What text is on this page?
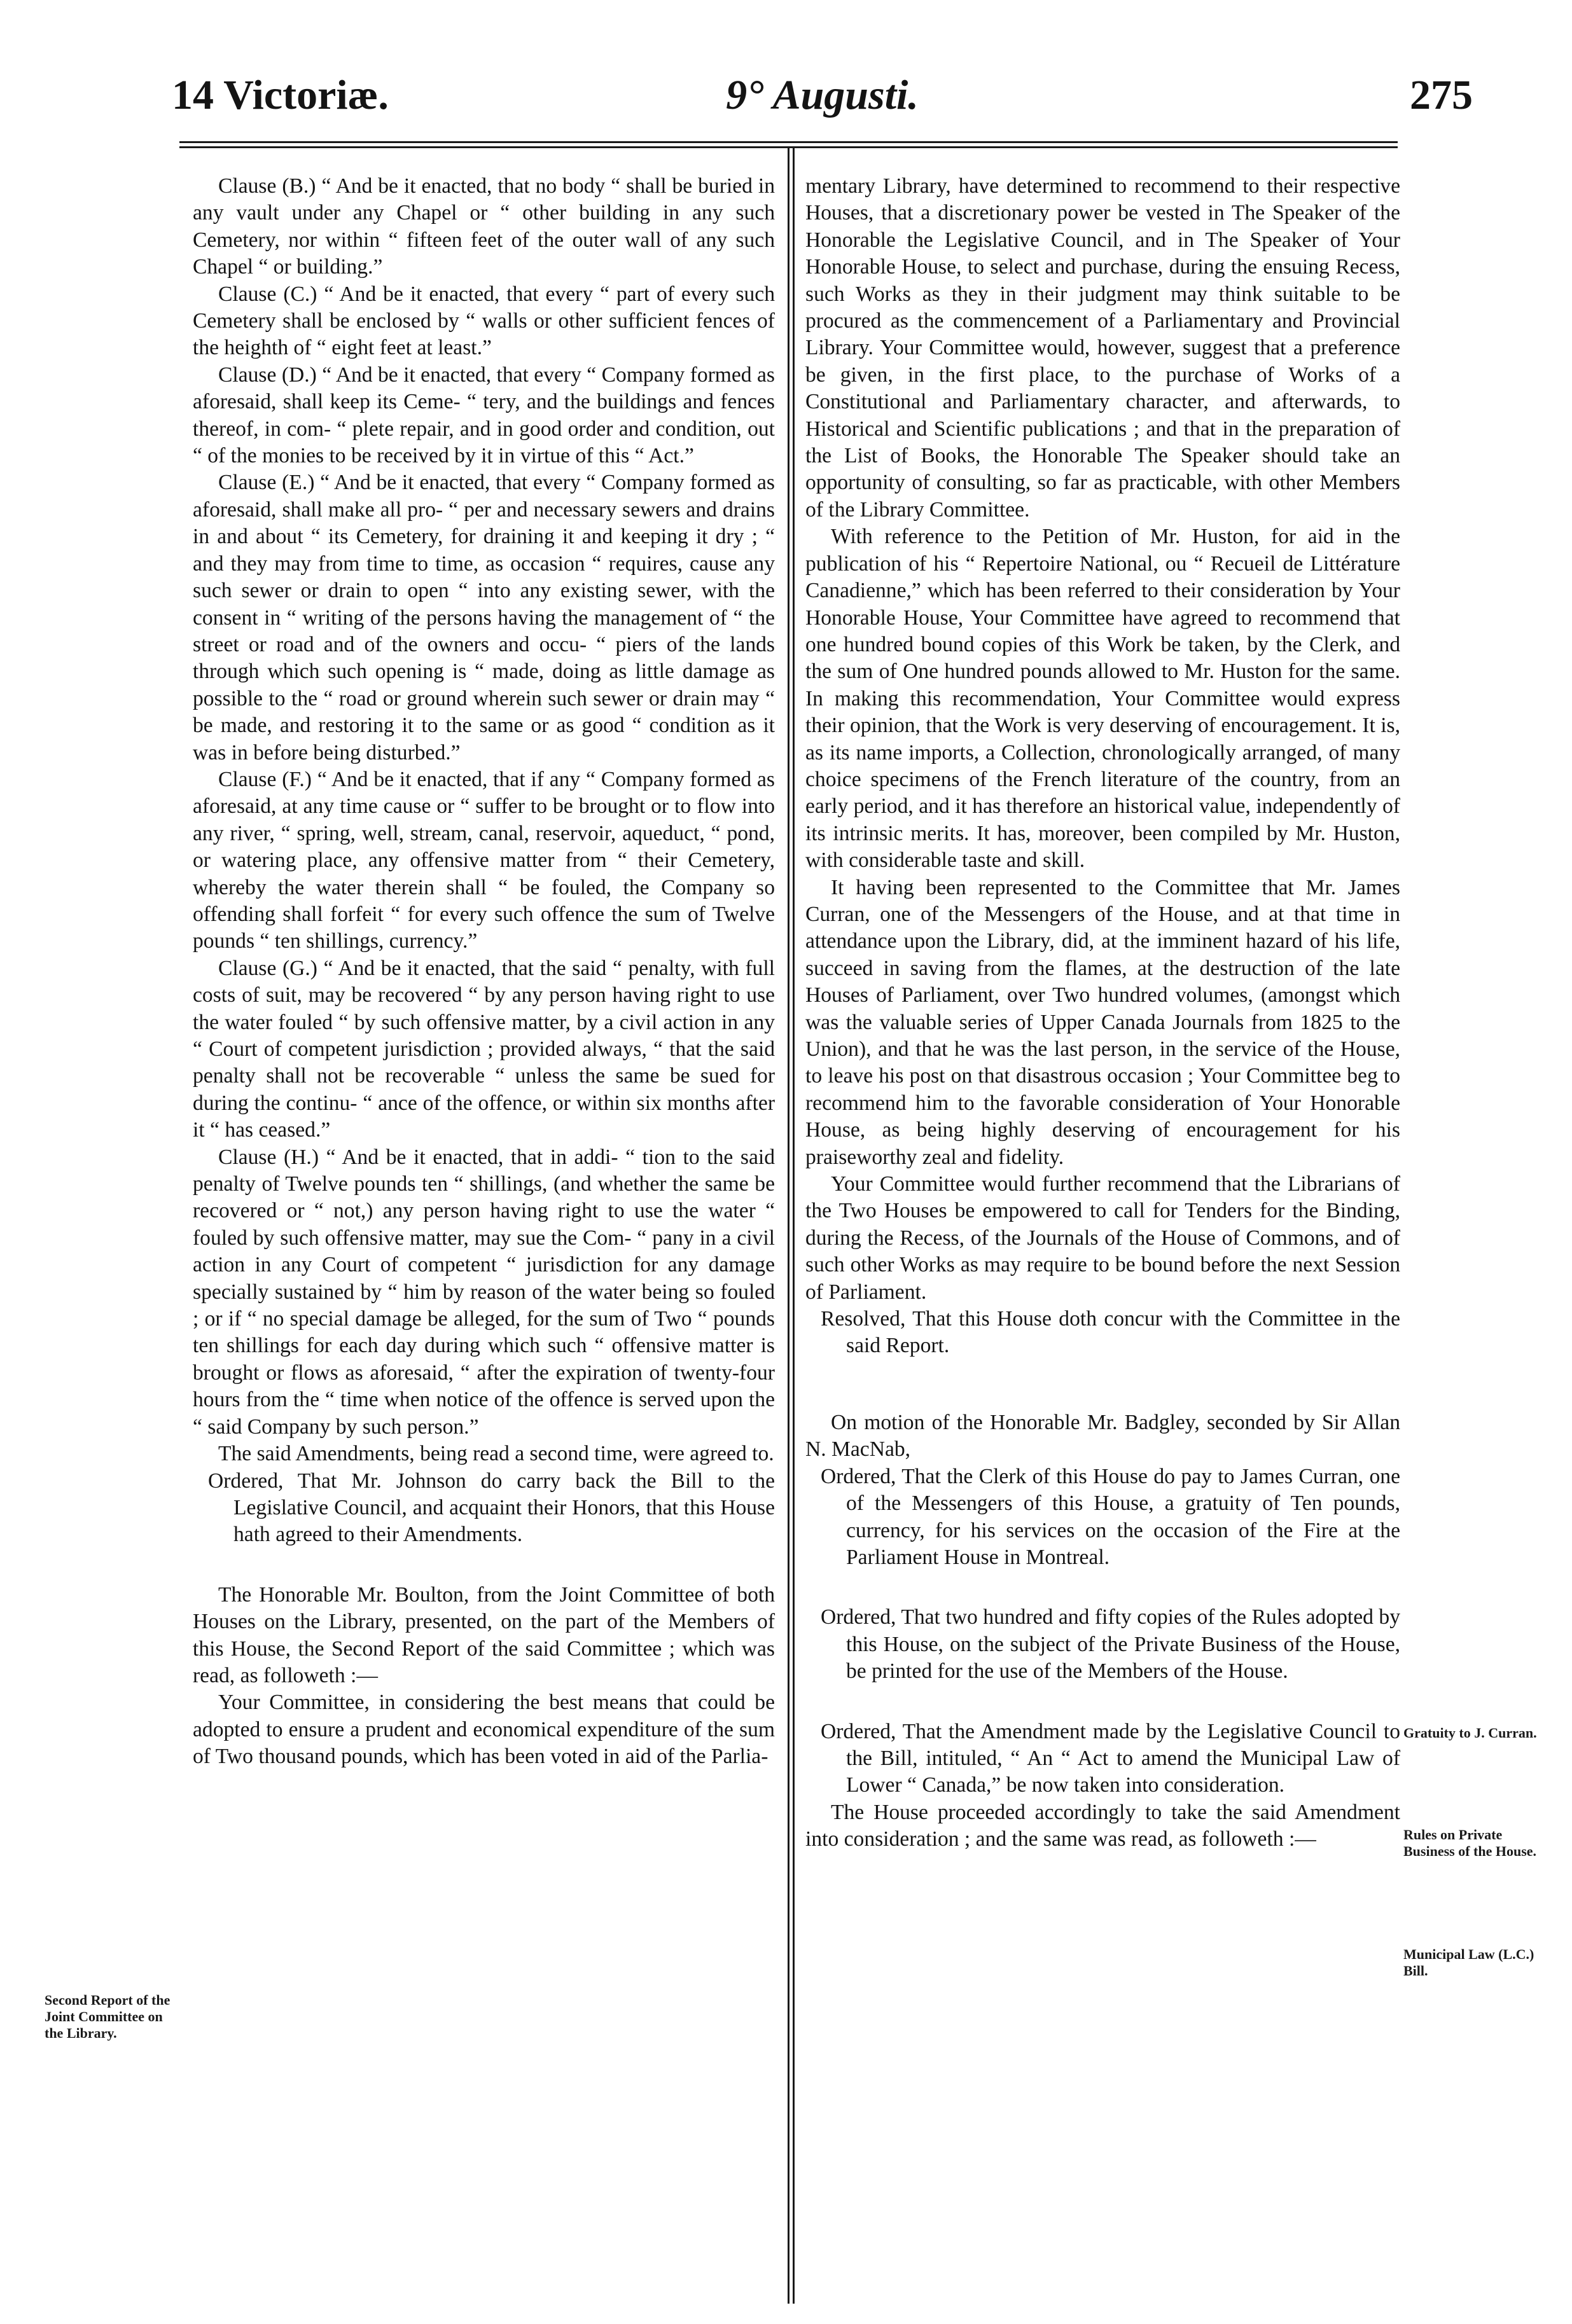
14 Victoriæ.	9° Augusti.	275

Clause (B.) “ And be it enacted, that no body “ shall be buried in any vault under any Chapel or “ other building in any such Cemetery, nor within “ fifteen feet of the outer wall of any such Chapel “ or building.”

Clause (C.) “ And be it enacted, that every “ part of every such Cemetery shall be enclosed by “ walls or other sufficient fences of the heighth of “ eight feet at least.”

Clause (D.) “ And be it enacted, that every “ Company formed as aforesaid, shall keep its Ceme- “ tery, and the buildings and fences thereof, in com- “ plete repair, and in good order and condition, out “ of the monies to be received by it in virtue of this “ Act.”

Clause (E.) “ And be it enacted, that every “ Company formed as aforesaid, shall make all pro- “ per and necessary sewers and drains in and about “ its Cemetery, for draining it and keeping it dry ; “ and they may from time to time, as occasion “ requires, cause any such sewer or drain to open “ into any existing sewer, with the consent in “ writing of the persons having the management of “ the street or road and of the owners and occu- “ piers of the lands through which such opening is “ made, doing as little damage as possible to the “ road or ground wherein such sewer or drain may “ be made, and restoring it to the same or as good “ condition as it was in before being disturbed.”

Clause (F.) “ And be it enacted, that if any “ Company formed as aforesaid, at any time cause or “ suffer to be brought or to flow into any river, “ spring, well, stream, canal, reservoir, aqueduct, “ pond, or watering place, any offensive matter from “ their Cemetery, whereby the water therein shall “ be fouled, the Company so offending shall forfeit “ for every such offence the sum of Twelve pounds “ ten shillings, currency.”

Clause (G.) “ And be it enacted, that the said “ penalty, with full costs of suit, may be recovered “ by any person having right to use the water fouled “ by such offensive matter, by a civil action in any “ Court of competent jurisdiction ; provided always, “ that the said penalty shall not be recoverable “ unless the same be sued for during the continu- “ ance of the offence, or within six months after it “ has ceased.”

Clause (H.) “ And be it enacted, that in addi- “ tion to the said penalty of Twelve pounds ten “ shillings, (and whether the same be recovered or “ not,) any person having right to use the water “ fouled by such offensive matter, may sue the Com- “ pany in a civil action in any Court of competent “ jurisdiction for any damage specially sustained by “ him by reason of the water being so fouled ; or if “ no special damage be alleged, for the sum of Two “ pounds ten shillings for each day during which such “ offensive matter is brought or flows as aforesaid, “ after the expiration of twenty-four hours from the “ time when notice of the offence is served upon the “ said Company by such person.”

The said Amendments, being read a second time, were agreed to.

Ordered, That Mr. Johnson do carry back the Bill to the Legislative Council, and acquaint their Honors, that this House hath agreed to their Amendments.

The Honorable Mr. Boulton, from the Joint Committee of both Houses on the Library, presented, on the part of the Members of this House, the Second Report of the said Committee ; which was read, as followeth :—

Your Committee, in considering the best means that could be adopted to ensure a prudent and economical expenditure of the sum of Two thousand pounds, which has been voted in aid of the Parlia-

mentary Library, have determined to recommend to their respective Houses, that a discretionary power be vested in The Speaker of the Honorable the Legislative Council, and in The Speaker of Your Honorable House, to select and purchase, during the ensuing Recess, such Works as they in their judgment may think suitable to be procured as the commencement of a Parliamentary and Provincial Library. Your Committee would, however, suggest that a preference be given, in the first place, to the purchase of Works of a Constitutional and Parliamentary character, and afterwards, to Historical and Scientific publications ; and that in the preparation of the List of Books, the Honorable The Speaker should take an opportunity of consulting, so far as practicable, with other Members of the Library Committee.

With reference to the Petition of Mr. Huston, for aid in the publication of his “ Repertoire National, ou “ Recueil de Littérature Canadienne,” which has been referred to their consideration by Your Honorable House, Your Committee have agreed to recommend that one hundred bound copies of this Work be taken, by the Clerk, and the sum of One hundred pounds allowed to Mr. Huston for the same. In making this recommendation, Your Committee would express their opinion, that the Work is very deserving of encouragement. It is, as its name imports, a Collection, chronologically arranged, of many choice specimens of the French literature of the country, from an early period, and it has therefore an historical value, independently of its intrinsic merits. It has, moreover, been compiled by Mr. Huston, with considerable taste and skill.

It having been represented to the Committee that Mr. James Curran, one of the Messengers of the House, and at that time in attendance upon the Library, did, at the imminent hazard of his life, succeed in saving from the flames, at the destruction of the late Houses of Parliament, over Two hundred volumes, (amongst which was the valuable series of Upper Canada Journals from 1825 to the Union), and that he was the last person, in the service of the House, to leave his post on that disastrous occasion ; Your Committee beg to recommend him to the favorable consideration of Your Honorable House, as being highly deserving of encouragement for his praiseworthy zeal and fidelity.

Your Committee would further recommend that the Librarians of the Two Houses be empowered to call for Tenders for the Binding, during the Recess, of the Journals of the House of Commons, and of such other Works as may require to be bound before the next Session of Parliament.

Resolved, That this House doth concur with the Committee in the said Report.

On motion of the Honorable Mr. Badgley, seconded by Sir Allan N. MacNab,

Ordered, That the Clerk of this House do pay to James Curran, one of the Messengers of this House, a gratuity of Ten pounds, currency, for his services on the occasion of the Fire at the Parliament House in Montreal.

Ordered, That two hundred and fifty copies of the Rules adopted by this House, on the subject of the Private Business of the House, be printed for the use of the Members of the House.

Ordered, That the Amendment made by the Legislative Council to the Bill, intituled, “ An “ Act to amend the Municipal Law of Lower “ Canada,” be now taken into consideration.

The House proceeded accordingly to take the said Amendment into consideration ; and the same was read, as followeth :—

Second Report of the Joint Committee on the Library.
Gratuity to J. Curran.
Rules on Private Business of the House.
Municipal Law (L.C.) Bill.
